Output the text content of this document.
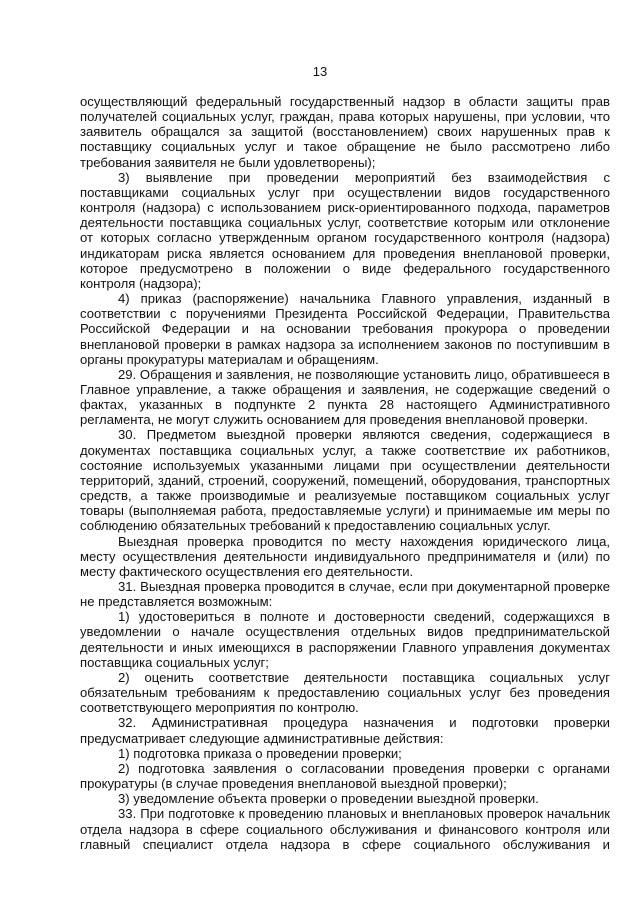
13

осуществляющий федеральный государственный надзор в области защиты прав получателей социальных услуг, граждан, права которых нарушены, при условии, что заявитель обращался за защитой (восстановлением) своих нарушенных прав к поставщику социальных услуг и такое обращение не было рассмотрено либо требования заявителя не были удовлетворены);

3) выявление при проведении мероприятий без взаимодействия с поставщиками социальных услуг при осуществлении видов государственного контроля (надзора) с использованием риск-ориентированного подхода, параметров деятельности поставщика социальных услуг, соответствие которым или отклонение от которых согласно утвержденным органом государственного контроля (надзора) индикаторам риска является основанием для проведения внеплановой проверки, которое предусмотрено в положении о виде федерального государственного контроля (надзора);

4) приказ (распоряжение) начальника Главного управления, изданный в соответствии с поручениями Президента Российской Федерации, Правительства Российской Федерации и на основании требования прокурора о проведении внеплановой проверки в рамках надзора за исполнением законов по поступившим в органы прокуратуры материалам и обращениям.

29. Обращения и заявления, не позволяющие установить лицо, обратившееся в Главное управление, а также обращения и заявления, не содержащие сведений о фактах, указанных в подпункте 2 пункта 28 настоящего Административного регламента, не могут служить основанием для проведения внеплановой проверки.

30. Предметом выездной проверки являются сведения, содержащиеся в документах поставщика социальных услуг, а также соответствие их работников, состояние используемых указанными лицами при осуществлении деятельности территорий, зданий, строений, сооружений, помещений, оборудования, транспортных средств, а также производимые и реализуемые поставщиком социальных услуг товары (выполняемая работа, предоставляемые услуги) и принимаемые им меры по соблюдению обязательных требований к предоставлению социальных услуг.

Выездная проверка проводится по месту нахождения юридического лица, месту осуществления деятельности индивидуального предпринимателя и (или) по месту фактического осуществления его деятельности.

31. Выездная проверка проводится в случае, если при документарной проверке не представляется возможным:

1) удостовериться в полноте и достоверности сведений, содержащихся в уведомлении о начале осуществления отдельных видов предпринимательской деятельности и иных имеющихся в распоряжении Главного управления документах поставщика социальных услуг;

2) оценить соответствие деятельности поставщика социальных услуг обязательным требованиям к предоставлению социальных услуг без проведения соответствующего мероприятия по контролю.

32. Административная процедура назначения и подготовки проверки предусматривает следующие административные действия:

1) подготовка приказа о проведении проверки;

2) подготовка заявления о согласовании проведения проверки с органами прокуратуры (в случае проведения внеплановой выездной проверки);

3) уведомление объекта проверки о проведении выездной проверки.

33. При подготовке к проведению плановых и внеплановых проверок начальник отдела надзора в сфере социального обслуживания и финансового контроля или главный специалист отдела надзора в сфере социального обслуживания и
